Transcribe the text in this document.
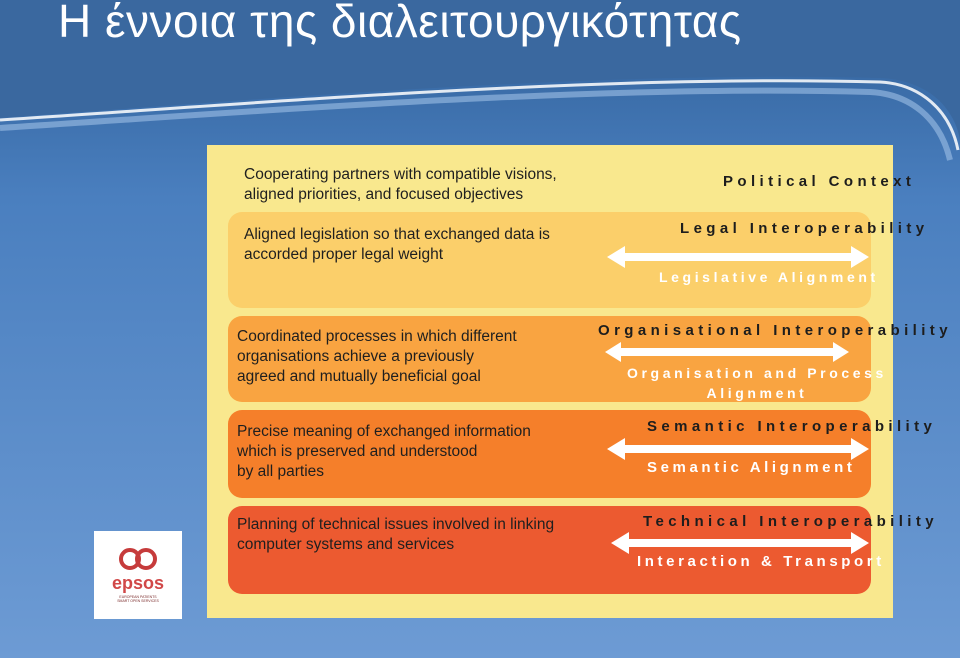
Η έννοια της διαλειτουργικότητας
Cooperating partners with compatible visions,
aligned priorities, and focused objectives
Political Context
Aligned legislation so that exchanged data is
accorded proper legal weight
Legal Interoperability
Legislative Alignment
Coordinated processes in which different
organisations achieve a previously
agreed and mutually beneficial goal
Organisational Interoperability
Organisation and Process
Alignment
Precise meaning of exchanged information
which is preserved and understood
by all parties
Semantic Interoperability
Semantic Alignment
Planning of technical issues involved in linking
computer systems and services
Technical Interoperability
Interaction & Transport
epsos
EUROPEAN PATIENTS SMART OPEN SERVICES
